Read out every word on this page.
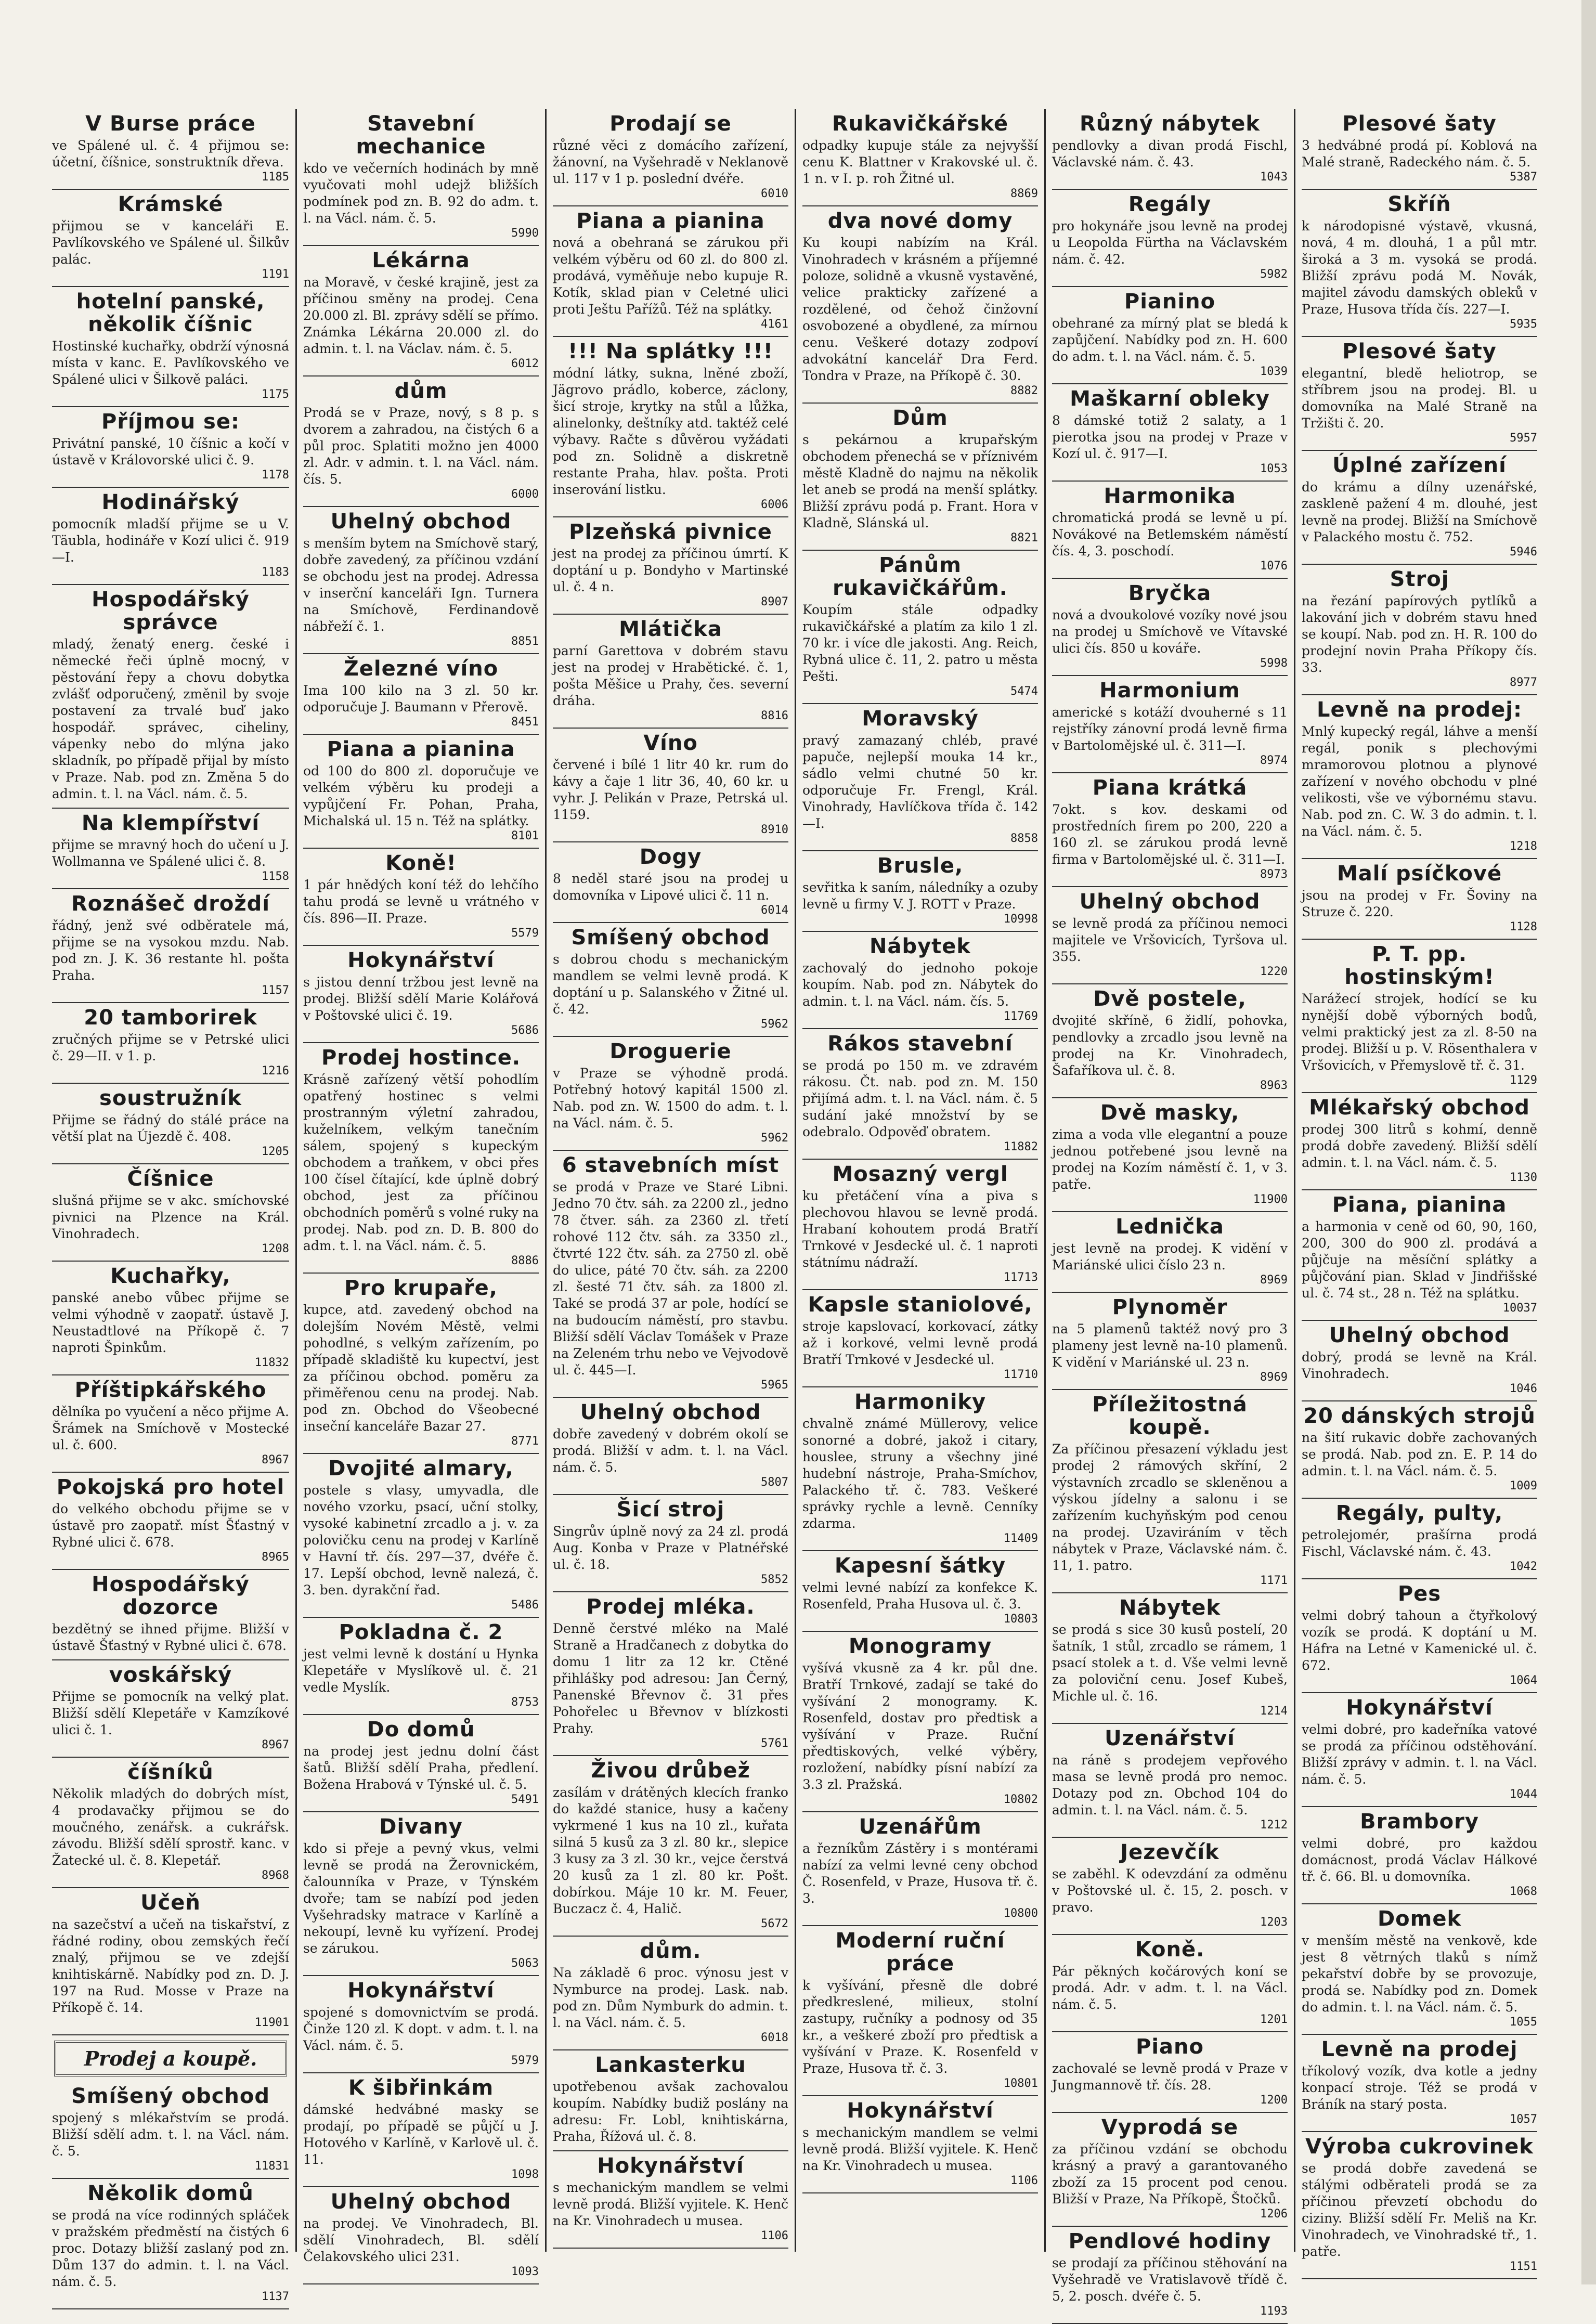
V Burse práce

ve Spálené ul. č. 4 přijmou se: účetní, číšnice, sonstruktník dřeva.

1185
Krámské

přijmou se v kanceláři E. Pavlíkovského ve Spálené ul. Šilkův palác.

1191
hotelní panské, několik číšnic

Hostinské kuchařky, obdrží výnosná místa v kanc. E. Pavlíkovského ve Spálené ulici v Šilkově paláci.

1175
Příjmou se:

Privátní panské, 10 číšnic a kočí v ústavě v Královorské ulici č. 9.

1178
Hodinářský

pomocník mladší přijme se u V. Täubla, hodináře v Kozí ulici č. 919—I.

1183
Hospodářský správce

mladý, ženatý energ. české i německé řeči úplně mocný, v pěstování řepy a chovu dobytka zvlášť odporučený, změnil by svoje postavení za trvalé buď jako hospodář. správec, ciheliny, vápenky nebo do mlýna jako skladník, po případě přijal by místo v Praze. Nab. pod zn. Změna 5 do admin. t. l. na Václ. nám. č. 5.

Na klempířství

přijme se mravný hoch do učení u J. Wollmanna ve Spálené ulici č. 8.

1158
Roznášeč droždí

řádný, jenž své odběratele má, přijme se na vysokou mzdu. Nab. pod zn. J. K. 36 restante hl. pošta Praha.

1157
20 tamborirek

zručných přijme se v Petrské ulici č. 29—II. v 1. p.

1216
soustružník

Přijme se řádný do stálé práce na větší plat na Újezdě č. 408.

1205
Číšnice

slušná přijme se v akc. smíchovské pivnici na Plzence na Král. Vinohradech.

1208
Kuchařky,

panské anebo vůbec přijme se velmi výhodně v zaopatř. ústavě J. Neustadtlové na Příkopě č. 7 naproti Špinkům.

11832
Příštipkářského

dělníka po vyučení a něco přijme A. Šrámek na Smíchově v Mostecké ul. č. 600.

8967
Pokojská pro hotel

do velkého obchodu přijme se v ústavě pro zaopatř. míst Šťastný v Rybné ulici č. 678.

8965
Hospodářský dozorce

bezdětný se ihned přijme. Bližší v ústavě Šťastný v Rybné ulici č. 678.

voskářský

Přijme se pomocník na velký plat. Bližší sdělí Klepetáře v Kamzíkové ulici č. 1.

8967
číšníků

Několik mladých do dobrých míst, 4 prodavačky přijmou se do moučného, zenářsk. a cukrářsk. závodu. Bližší sdělí sprostř. kanc. v Žatecké ul. č. 8. Klepetář.

8968
Učeň

na sazečství a učeň na tiskařství, z řádné rodiny, obou zemských řečí znalý, přijmou se ve zdejší knihtiskárně. Nabídky pod zn. D. J. 197 na Rud. Mosse v Praze na Příkopě č. 14.

11901
Prodej a koupě.
Smíšený obchod

spojený s mlékařstvím se prodá. Bližší sdělí adm. t. l. na Václ. nám. č. 5.

11831
Několik domů

se prodá na více rodinných spláček v pražském předměstí na čistých 6 proc. Dotazy bližší zaslaný pod zn. Dům 137 do admin. t. l. na Václ. nám. č. 5.

1137
Stavební mechanice

kdo ve večerních hodinách by mně vyučovati mohl udejž bližších podmínek pod zn. B. 92 do adm. t. l. na Václ. nám. č. 5.

5990
Lékárna

na Moravě, v české krajině, jest za příčinou směny na prodej. Cena 20.000 zl. Bl. zprávy sdělí se přímo. Známka Lékárna 20.000 zl. do admin. t. l. na Václav. nám. č. 5.

6012
dům

Prodá se v Praze, nový, s 8 p. s dvorem a zahradou, na čistých 6 a půl proc. Splatiti možno jen 4000 zl. Adr. v admin. t. l. na Václ. nám. čís. 5.

6000
Uhelný obchod

s menším bytem na Smíchově starý, dobře zavedený, za příčinou vzdání se obchodu jest na prodej. Adressa v inserční kanceláři Ign. Turnera na Smíchově, Ferdinandově nábřeží č. 1.

8851
Železné víno

Ima 100 kilo na 3 zl. 50 kr. odporučuje J. Baumann v Přerově.

8451
Piana a pianina

od 100 do 800 zl. doporučuje ve velkém výběru ku prodeji a vypůjčení Fr. Pohan, Praha, Michalská ul. 15 n. Též na splátky.

8101
Koně!

1 pár hnědých koní též do lehčího tahu prodá se levně u vrátného v čís. 896—II. Praze.

5579
Hokynářství

s jistou denní tržbou jest levně na prodej. Bližší sdělí Marie Kolářová v Poštovské ulici č. 19.

5686
Prodej hostince.

Krásně zařízený větší pohodlím opatřený hostinec s velmi prostranným výletní zahradou, kuželníkem, velkým tanečním sálem, spojený s kupeckým obchodem a traňkem, v obci přes 100 čísel čítající, kde úplně dobrý obchod, jest za příčinou obchodních poměrů s volné ruky na prodej. Nab. pod zn. D. B. 800 do adm. t. l. na Václ. nám. č. 5.

8886
Pro krupaře,

kupce, atd. zavedený obchod na dolejším Novém Městě, velmi pohodlné, s velkým zařízením, po případě skladiště ku kupectví, jest za příčinou obchod. poměru za přiměřenou cenu na prodej. Nab. pod zn. Obchod do Všeobecné inseční kanceláře Bazar 27.

8771
Dvojité almary,

postele s vlasy, umyvadla, dle nového vzorku, psací, uční stolky, vysoké kabinetní zrcadlo a j. v. za polovičku cenu na prodej v Karlíně v Havní tř. čís. 297—37, dvéře č. 17. Lepší obchod, levně nalezá, č. 3. ben. dyrakční řad.

5486
Pokladna č. 2

jest velmi levně k dostání u Hynka Klepetáře v Myslíkově ul. č. 21 vedle Myslík.

8753
Do domů

na prodej jest jednu dolní část šatů. Bližší sdělí Praha, předlení. Božena Hrabová v Týnské ul. č. 5.

5491
Divany

kdo si přeje a pevný vkus, velmi levně se prodá na Žerovnickém, čalounníka v Praze, v Týnském dvoře; tam se nabízí pod jeden Vyšehradsky matrace v Karlíně a nekoupí, levně ku vyřízení. Prodej se zárukou.

5063
Hokynářství

spojené s domovnictvím se prodá. Činže 120 zl. K dopt. v adm. t. l. na Václ. nám. č. 5.

5979
K šibřinkám

dámské hedvábné masky se prodají, po případě se půjčí u J. Hotového v Karlíně, v Karlově ul. č. 11.

1098
Uhelný obchod

na prodej. Ve Vinohradech, Bl. sdělí Vinohradech, Bl. sdělí Čelakovského ulici 231.

1093
Prodají se

různé věci z domácího zařízení, žánovní, na Vyšehradě v Neklanově ul. 117 v 1 p. poslední dvéře.

6010
Piana a pianina

nová a obehraná se zárukou při velkém výběru od 60 zl. do 800 zl. prodává, vyměňuje nebo kupuje R. Kotík, sklad pian v Celetné ulici proti Ještu Pařížů. Též na splátky.

4161
!!! Na splátky !!!

módní látky, sukna, lněné zboží, Jägrovo prádlo, koberce, záclony, šicí stroje, krytky na stůl a lůžka, alinelonky, deštníky atd. taktéž celé výbavy. Račte s důvěrou vyžádati pod zn. Solidně a diskretně restante Praha, hlav. pošta. Proti inserování listku.

6006
Plzeňská pivnice

jest na prodej za příčinou úmrtí. K doptání u p. Bondyho v Martinské ul. č. 4 n.

8907
Mlátička

parní Garettova v dobrém stavu jest na prodej v Hrabětické. č. 1, pošta Měšice u Prahy, čes. severní dráha.

8816
Víno

červené i bílé 1 litr 40 kr. rum do kávy a čaje 1 litr 36, 40, 60 kr. u vyhr. J. Pelikán v Praze, Petrská ul. 1159.

8910
Dogy

8 neděl staré jsou na prodej u domovníka v Lipové ulici č. 11 n.

6014
Smíšený obchod

s dobrou chodu s mechanickým mandlem se velmi levně prodá. K doptání u p. Salanského v Žitné ul. č. 42.

5962
Droguerie

v Praze se výhodně prodá. Potřebný hotový kapitál 1500 zl. Nab. pod zn. W. 1500 do adm. t. l. na Václ. nám. č. 5.

5962
6 stavebních míst

se prodá v Praze ve Staré Libni. Jedno 70 čtv. sáh. za 2200 zl., jedno 78 čtver. sáh. za 2360 zl. třetí rohové 112 čtv. sáh. za 3350 zl., čtvrté 122 čtv. sáh. za 2750 zl. obě do ulice, páté 70 čtv. sáh. za 2200 zl. šesté 71 čtv. sáh. za 1800 zl. Také se prodá 37 ar pole, hodící se na budoucím náměstí, pro stavbu. Bližší sdělí Václav Tomášek v Praze na Zeleném trhu nebo ve Vejvodově ul. č. 445—I.

5965
Uhelný obchod

dobře zavedený v dobrém okolí se prodá. Bližší v adm. t. l. na Václ. nám. č. 5.

5807
Šicí stroj

Singrův úplně nový za 24 zl. prodá Aug. Konba v Praze v Platnéřské ul. č. 18.

5852
Prodej mléka.

Denně čerstvé mléko na Malé Straně a Hradčanech z dobytka do domu 1 litr za 12 kr. Ctěné přihlášky pod adresou: Jan Černý, Panenské Břevnov č. 31 přes Pohořelec u Břevnov v blízkosti Prahy.

5761
Živou drůbež

zasílám v drátěných klecích franko do každé stanice, husy a kačeny vykrmené 1 kus na 10 zl., kuřata silná 5 kusů za 3 zl. 80 kr., slepice 3 kusy za 3 zl. 30 kr., vejce čerstvá 20 kusů za 1 zl. 80 kr. Pošt. dobírkou. Máje 10 kr. M. Feuer, Buczacz č. 4, Halič.

5672
dům.

Na základě 6 proc. výnosu jest v Nymburce na prodej. Lask. nab. pod zn. Dům Nymburk do admin. t. l. na Václ. nám. č. 5.

6018
Lankasterku

upotřebenou avšak zachovalou koupím. Nabídky budiž poslány na adresu: Fr. Lobl, knihtiskárna, Praha, Řížová ul. č. 8.

Hokynářství

s mechanickým mandlem se velmi levně prodá. Bližší vyjitele. K. Henč na Kr. Vinohradech u musea.

1106
Rukavičkářské

odpadky kupuje stále za nejvyšší cenu K. Blattner v Krakovské ul. č. 1 n. v I. p. roh Žitné ul.

8869
dva nové domy

Ku koupi nabízím na Král. Vinohradech v krásném a příjemné poloze, solidně a vkusně vystavěné, velice prakticky zařízené a rozdělené, od čehož činžovní osvobozené a obydlené, za mírnou cenu. Veškeré dotazy zodpoví advokátní kancelář Dra Ferd. Tondra v Praze, na Příkopě č. 30.

8882
Dům

s pekárnou a krupařským obchodem přenechá se v příznivém městě Kladně do najmu na několik let aneb se prodá na menší splátky. Bližší zprávu podá p. Frant. Hora v Kladně, Slánská ul.

8821
Pánům rukavičkářům.

Koupím stále odpadky rukavičkářské a platím za kilo 1 zl. 70 kr. i více dle jakosti. Ang. Reich, Rybná ulice č. 11, 2. patro u města Pešti.

5474
Moravský

pravý zamazaný chléb, pravé papuče, nejlepší mouka 14 kr., sádlo velmi chutné 50 kr. odporučuje Fr. Frengl, Král. Vinohrady, Havlíčkova třída č. 142—I.

8858
Brusle,

sevřitka k saním, náledníky a ozuby levně u firmy V. J. ROTT v Praze.

10998
Nábytek

zachovalý do jednoho pokoje koupím. Nab. pod zn. Nábytek do admin. t. l. na Václ. nám. čís. 5.

11769
Rákos stavební

se prodá po 150 m. ve zdravém rákosu. Čt. nab. pod zn. M. 150 přijímá adm. t. l. na Václ. nám. č. 5 sudání jaké množství by se odebralo. Odpověď obratem.

11882
Mosazný vergl

ku přetáčení vína a piva s plechovou hlavou se levně prodá. Hrabaní kohoutem prodá Bratří Trnkové v Jesdecké ul. č. 1 naproti státnímu nádraží.

11713
Kapsle staniolové,

stroje kapslovací, korkovací, zátky až i korkové, velmi levně prodá Bratří Trnkové v Jesdecké ul.

11710
Harmoniky

chvalně známé Müllerovy, velice sonorné a dobré, jakož i citary, houslee, struny a všechny jiné hudební nástroje, Praha-Smíchov, Palackého tř. č. 783. Veškeré správky rychle a levně. Cenníky zdarma.

11409
Kapesní šátky

velmi levné nabízí za konfekce K. Rosenfeld, Praha Husova ul. č. 3.

10803
Monogramy

vyšívá vkusně za 4 kr. půl dne. Bratří Trnkové, zadají se také do vyšívání 2 monogramy. K. Rosenfeld, dostav pro předtisk a vyšívání v Praze. Ruční předtiskových, velké výběry, rozložení, nabídky písní nabízí za 3.3 zl. Pražská.

10802
Uzenářům

a řezníkům Zástěry i s montérami nabízí za velmi levné ceny obchod Č. Rosenfeld, v Praze, Husova tř. č. 3.

10800
Moderní ruční práce

k vyšívání, přesně dle dobré předkreslené, milieux, stolní zastupy, ručníky a podnosy od 35 kr., a veškeré zboží pro předtisk a vyšívání v Praze. K. Rosenfeld v Praze, Husova tř. č. 3.

10801
Hokynářství

s mechanickým mandlem se velmi levně prodá. Bližší vyjitele. K. Henč na Kr. Vinohradech u musea.

1106
Různý nábytek

pendlovky a divan prodá Fischl, Václavské nám. č. 43.

1043
Regály

pro hokynáře jsou levně na prodej u Leopolda Fürtha na Václavském nám. č. 42.

5982
Pianino

obehrané za mírný plat se bledá k zapůjčení. Nabídky pod zn. H. 600 do adm. t. l. na Václ. nám. č. 5.

1039
Maškarní obleky

8 dámské totiž 2 salaty, a 1 pierotka jsou na prodej v Praze v Kozí ul. č. 917—I.

1053
Harmonika

chromatická prodá se levně u pí. Novákové na Betlemském náměstí čís. 4, 3. poschodí.

1076
Bryčka

nová a dvoukolové vozíky nové jsou na prodej u Smíchově ve Vítavské ulici čís. 850 u kováře.

5998
Harmonium

americké s kotáží dvouherné s 11 rejstříky zánovní prodá levně firma v Bartolomějské ul. č. 311—I.

8974
Piana krátká

7okt. s kov. deskami od prostředních firem po 200, 220 a 160 zl. se zárukou prodá levně firma v Bartolomějské ul. č. 311—I.

8973
Uhelný obchod

se levně prodá za příčinou nemoci majitele ve Vršovicích, Tyršova ul. 355.

1220
Dvě postele,

dvojité skříně, 6 židlí, pohovka, pendlovky a zrcadlo jsou levně na prodej na Kr. Vinohradech, Šafaříkova ul. č. 8.

8963
Dvě masky,

zima a voda vlle elegantní a pouze jednou potřebené jsou levně na prodej na Kozím náměstí č. 1, v 3. patře.

11900
Lednička

jest levně na prodej. K vidění v Mariánské ulici číslo 23 n.

8969
Plynoměr

na 5 plamenů taktéž nový pro 3 plameny jest levně na-10 plamenů. K vidění v Mariánské ul. 23 n.

8969
Příležitostná koupě.

Za příčinou přesazení výkladu jest prodej 2 rámových skříní, 2 výstavních zrcadlo se skleněnou a výskou jídelny a salonu i se zařízením kuchyňským pod cenou na prodej. Uzaviráním v těch nábytek v Praze, Václavské nám. č. 11, 1. patro.

1171
Nábytek

se prodá s sice 30 kusů postelí, 20 šatník, 1 stůl, zrcadlo se rámem, 1 psací stolek a t. d. Vše velmi levně za poloviční cenu. Josef Kubeš, Michle ul. č. 16.

1214
Uzenářství

na ráně s prodejem vepřového masa se levně prodá pro nemoc. Dotazy pod zn. Obchod 104 do admin. t. l. na Václ. nám. č. 5.

1212
Jezevčík

se zaběhl. K odevzdání za odměnu v Poštovské ul. č. 15, 2. posch. v pravo.

1203
Koně.

Pár pěkných kočárových koní se prodá. Adr. v adm. t. l. na Václ. nám. č. 5.

1201
Piano

zachovalé se levně prodá v Praze v Jungmannově tř. čís. 28.

1200
Vyprodá se

za příčinou vzdání se obchodu krásný a pravý a garantovaného zboží za 15 procent pod cenou. Bližší v Praze, Na Příkopě, Štočků.

1206
Pendlové hodiny

se prodají za příčinou stěhování na Vyšehradě ve Vratislavově třídě č. 5, 2. posch. dvéře č. 5.

1193
Plesové šaty

3 hedvábné prodá pí. Koblová na Malé straně, Radeckého nám. č. 5.

5387
Skříň

k národopisné výstavě, vkusná, nová, 4 m. dlouhá, 1 a půl mtr. široká a 3 m. vysoká se prodá. Bližší zprávu podá M. Novák, majitel závodu damských obleků v Praze, Husova třída čís. 227—I.

5935
Plesové šaty

elegantní, bledě heliotrop, se stříbrem jsou na prodej. Bl. u domovníka na Malé Straně na Tržišti č. 20.

5957
Úplné zařízení

do krámu a dílny uzenářské, zaskleně pažení 4 m. dlouhé, jest levně na prodej. Bližší na Smíchově v Palackého mostu č. 752.

5946
Stroj

na řezání papírových pytlíků a lakování jich v dobrém stavu hned se koupí. Nab. pod zn. H. R. 100 do prodejní novin Praha Příkopy čís. 33.

8977
Levně na prodej:

Mnlý kupecký regál, láhve a menší regál, ponik s plechovými mramorovou plotnou a plynové zařízení v nového obchodu v plné velikosti, vše ve výbornému stavu. Nab. pod zn. C. W. 3 do admin. t. l. na Václ. nám. č. 5.

1218
Malí psíčkové

jsou na prodej v Fr. Šoviny na Struze č. 220.

1128
P. T. pp. hostinským!

Narážecí strojek, hodící se ku nynější době výborných bodů, velmi praktický jest za zl. 8-50 na prodej. Bližší u p. V. Rösenthalera v Vršovicích, v Přemyslově tř. č. 31.

1129
Mlékařský obchod

prodej 300 litrů s kohmí, denně prodá dobře zavedený. Bližší sdělí admin. t. l. na Václ. nám. č. 5.

1130
Piana, pianina

a harmonia v ceně od 60, 90, 160, 200, 300 do 900 zl. prodává a půjčuje na měsíční splátky a půjčování pian. Sklad v Jindřišské ul. č. 74 st., 28 n. Též na splátku.

10037
Uhelný obchod

dobrý, prodá se levně na Král. Vinohradech.

1046
20 dánských strojů

na šití rukavic dobře zachovaných se prodá. Nab. pod zn. E. P. 14 do admin. t. l. na Václ. nám. č. 5.

1009
Regály, pulty,

petrolejomér, prašírna prodá Fischl, Václavské nám. č. 43.

1042
Pes

velmi dobrý tahoun a čtyřkolový vozík se prodá. K doptání u M. Háfra na Letné v Kamenické ul. č. 672.

1064
Hokynářství

velmi dobré, pro kadeřníka vatové se prodá za příčinou odstěhování. Bližší zprávy v admin. t. l. na Václ. nám. č. 5.

1044
Brambory

velmi dobré, pro každou domácnost, prodá Václav Hálkové tř. č. 66. Bl. u domovníka.

1068
Domek

v menším městě na venkově, kde jest 8 větrných tlaků s nímž pekařství dobře by se provozuje, prodá se. Nabídky pod zn. Domek do admin. t. l. na Václ. nám. č. 5.

1055
Levně na prodej

tříkolový vozík, dva kotle a jedny konpací stroje. Též se prodá v Bráník na starý posta.

1057
Výroba cukrovinek

se prodá dobře zavedená se stálými odběrateli prodá se za příčinou převzetí obchodu do ciziny. Bližší sdělí Fr. Meliš na Kr. Vinohradech, ve Vinohradské tř., 1. patře.

1151
